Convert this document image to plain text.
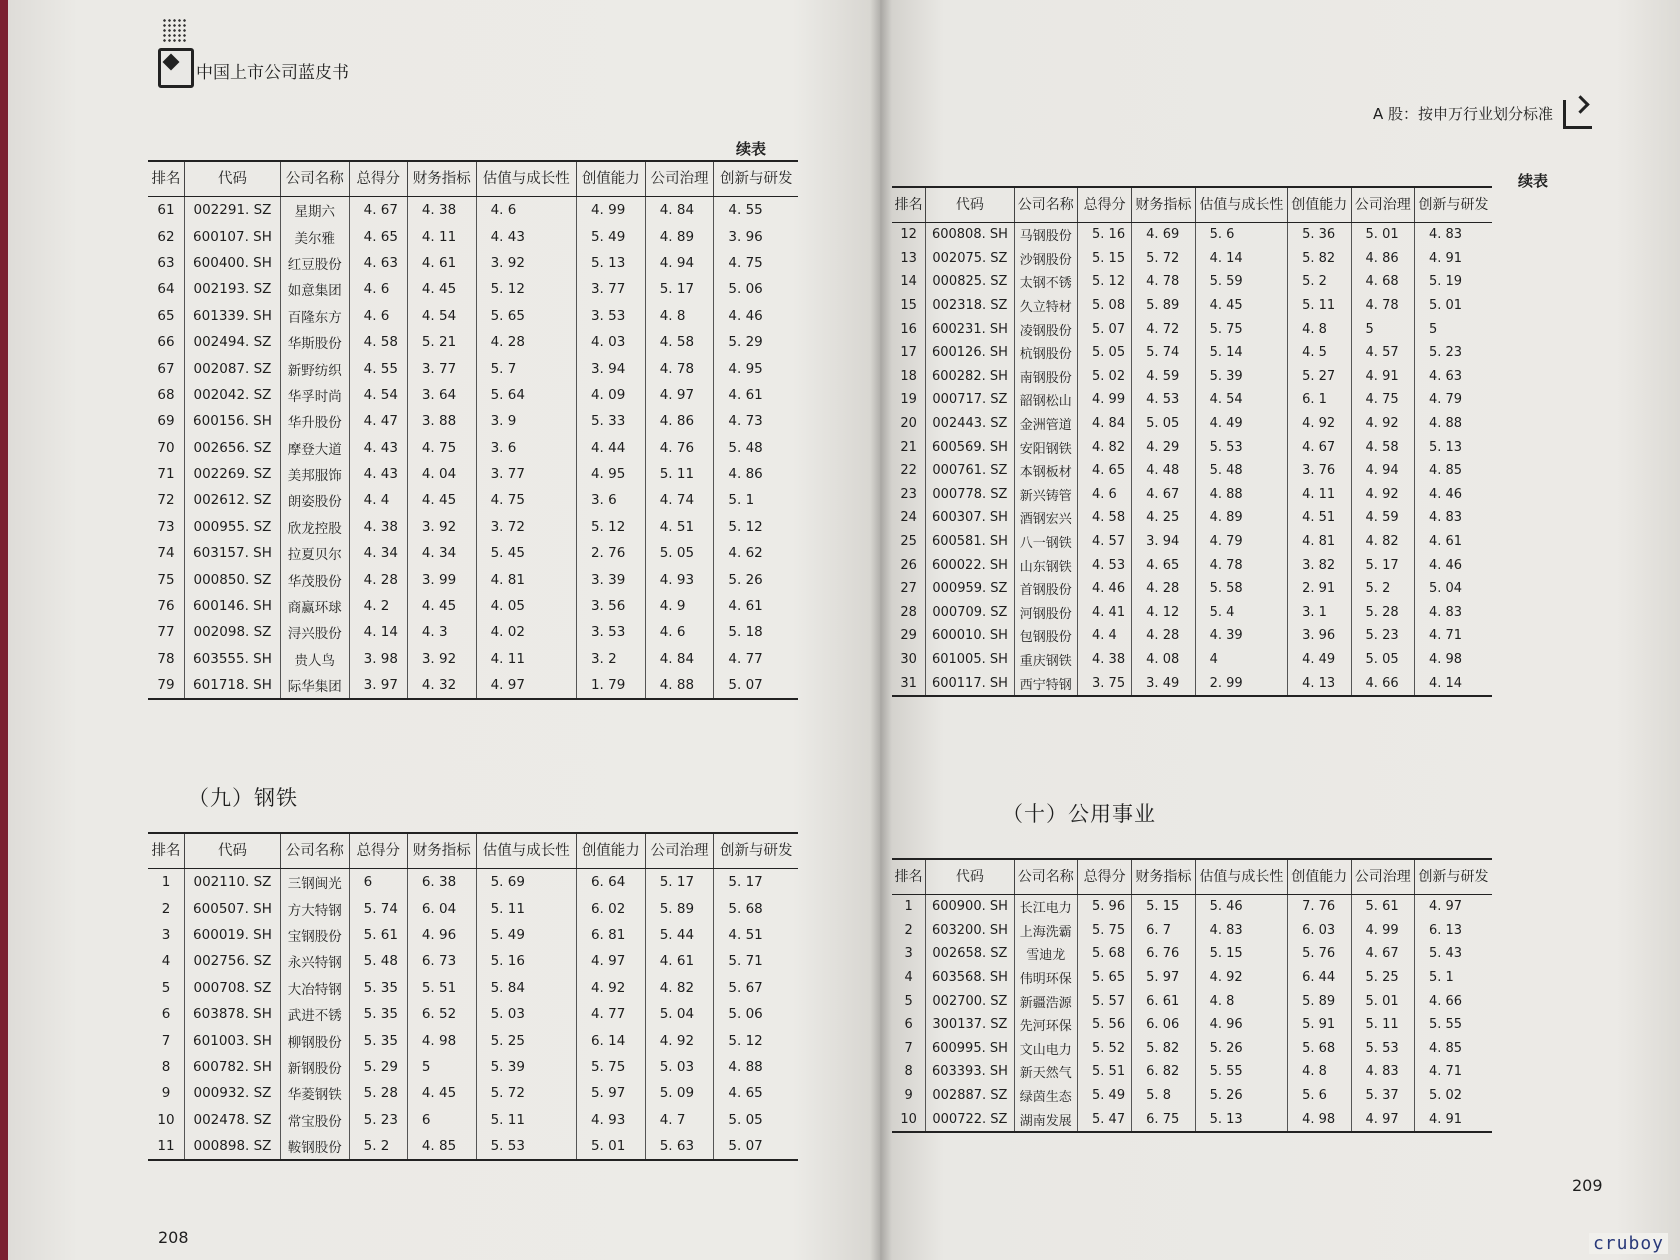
中国上市公司蓝皮书
续表
排名	代码	公司名称	总得分	财务指标	估值与成长性	创值能力	公司治理	创新与研发
61	002291. SZ	星期六	4. 67	4. 38	4. 6	4. 99	4. 84	4. 55
62	600107. SH	美尔雅	4. 65	4. 11	4. 43	5. 49	4. 89	3. 96
63	600400. SH	红豆股份	4. 63	4. 61	3. 92	5. 13	4. 94	4. 75
64	002193. SZ	如意集团	4. 6	4. 45	5. 12	3. 77	5. 17	5. 06
65	601339. SH	百隆东方	4. 6	4. 54	5. 65	3. 53	4. 8	4. 46
66	002494. SZ	华斯股份	4. 58	5. 21	4. 28	4. 03	4. 58	5. 29
67	002087. SZ	新野纺织	4. 55	3. 77	5. 7	3. 94	4. 78	4. 95
68	002042. SZ	华孚时尚	4. 54	3. 64	5. 64	4. 09	4. 97	4. 61
69	600156. SH	华升股份	4. 47	3. 88	3. 9	5. 33	4. 86	4. 73
70	002656. SZ	摩登大道	4. 43	4. 75	3. 6	4. 44	4. 76	5. 48
71	002269. SZ	美邦服饰	4. 43	4. 04	3. 77	4. 95	5. 11	4. 86
72	002612. SZ	朗姿股份	4. 4	4. 45	4. 75	3. 6	4. 74	5. 1
73	000955. SZ	欣龙控股	4. 38	3. 92	3. 72	5. 12	4. 51	5. 12
74	603157. SH	拉夏贝尔	4. 34	4. 34	5. 45	2. 76	5. 05	4. 62
75	000850. SZ	华茂股份	4. 28	3. 99	4. 81	3. 39	4. 93	5. 26
76	600146. SH	商赢环球	4. 2	4. 45	4. 05	3. 56	4. 9	4. 61
77	002098. SZ	浔兴股份	4. 14	4. 3	4. 02	3. 53	4. 6	5. 18
78	603555. SH	贵人鸟	3. 98	3. 92	4. 11	3. 2	4. 84	4. 77
79	601718. SH	际华集团	3. 97	4. 32	4. 97	1. 79	4. 88	5. 07
（九）钢铁
排名	代码	公司名称	总得分	财务指标	估值与成长性	创值能力	公司治理	创新与研发
1	002110. SZ	三钢闽光	6	6. 38	5. 69	6. 64	5. 17	5. 17
2	600507. SH	方大特钢	5. 74	6. 04	5. 11	6. 02	5. 89	5. 68
3	600019. SH	宝钢股份	5. 61	4. 96	5. 49	6. 81	5. 44	4. 51
4	002756. SZ	永兴特钢	5. 48	6. 73	5. 16	4. 97	4. 61	5. 71
5	000708. SZ	大冶特钢	5. 35	5. 51	5. 84	4. 92	4. 82	5. 67
6	603878. SH	武进不锈	5. 35	6. 52	5. 03	4. 77	5. 04	5. 06
7	601003. SH	柳钢股份	5. 35	4. 98	5. 25	6. 14	4. 92	5. 12
8	600782. SH	新钢股份	5. 29	5	5. 39	5. 75	5. 03	4. 88
9	000932. SZ	华菱钢铁	5. 28	4. 45	5. 72	5. 97	5. 09	4. 65
10	002478. SZ	常宝股份	5. 23	6	5. 11	4. 93	4. 7	5. 05
11	000898. SZ	鞍钢股份	5. 2	4. 85	5. 53	5. 01	5. 63	5. 07
208
A 股：按申万行业划分标准
续表
排名	代码	公司名称	总得分	财务指标	估值与成长性	创值能力	公司治理	创新与研发
12	600808. SH	马钢股份	5. 16	4. 69	5. 6	5. 36	5. 01	4. 83
13	002075. SZ	沙钢股份	5. 15	5. 72	4. 14	5. 82	4. 86	4. 91
14	000825. SZ	太钢不锈	5. 12	4. 78	5. 59	5. 2	4. 68	5. 19
15	002318. SZ	久立特材	5. 08	5. 89	4. 45	5. 11	4. 78	5. 01
16	600231. SH	凌钢股份	5. 07	4. 72	5. 75	4. 8	5	5
17	600126. SH	杭钢股份	5. 05	5. 74	5. 14	4. 5	4. 57	5. 23
18	600282. SH	南钢股份	5. 02	4. 59	5. 39	5. 27	4. 91	4. 63
19	000717. SZ	韶钢松山	4. 99	4. 53	4. 54	6. 1	4. 75	4. 79
20	002443. SZ	金洲管道	4. 84	5. 05	4. 49	4. 92	4. 92	4. 88
21	600569. SH	安阳钢铁	4. 82	4. 29	5. 53	4. 67	4. 58	5. 13
22	000761. SZ	本钢板材	4. 65	4. 48	5. 48	3. 76	4. 94	4. 85
23	000778. SZ	新兴铸管	4. 6	4. 67	4. 88	4. 11	4. 92	4. 46
24	600307. SH	酒钢宏兴	4. 58	4. 25	4. 89	4. 51	4. 59	4. 83
25	600581. SH	八一钢铁	4. 57	3. 94	4. 79	4. 81	4. 82	4. 61
26	600022. SH	山东钢铁	4. 53	4. 65	4. 78	3. 82	5. 17	4. 46
27	000959. SZ	首钢股份	4. 46	4. 28	5. 58	2. 91	5. 2	5. 04
28	000709. SZ	河钢股份	4. 41	4. 12	5. 4	3. 1	5. 28	4. 83
29	600010. SH	包钢股份	4. 4	4. 28	4. 39	3. 96	5. 23	4. 71
30	601005. SH	重庆钢铁	4. 38	4. 08	4	4. 49	5. 05	4. 98
31	600117. SH	西宁特钢	3. 75	3. 49	2. 99	4. 13	4. 66	4. 14
（十）公用事业
排名	代码	公司名称	总得分	财务指标	估值与成长性	创值能力	公司治理	创新与研发
1	600900. SH	长江电力	5. 96	5. 15	5. 46	7. 76	5. 61	4. 97
2	603200. SH	上海洗霸	5. 75	6. 7	4. 83	6. 03	4. 99	6. 13
3	002658. SZ	雪迪龙	5. 68	6. 76	5. 15	5. 76	4. 67	5. 43
4	603568. SH	伟明环保	5. 65	5. 97	4. 92	6. 44	5. 25	5. 1
5	002700. SZ	新疆浩源	5. 57	6. 61	4. 8	5. 89	5. 01	4. 66
6	300137. SZ	先河环保	5. 56	6. 06	4. 96	5. 91	5. 11	5. 55
7	600995. SH	文山电力	5. 52	5. 82	5. 26	5. 68	5. 53	4. 85
8	603393. SH	新天然气	5. 51	6. 82	5. 55	4. 8	4. 83	4. 71
9	002887. SZ	绿茵生态	5. 49	5. 8	5. 26	5. 6	5. 37	5. 02
10	000722. SZ	湖南发展	5. 47	6. 75	5. 13	4. 98	4. 97	4. 91
209
cruboy
